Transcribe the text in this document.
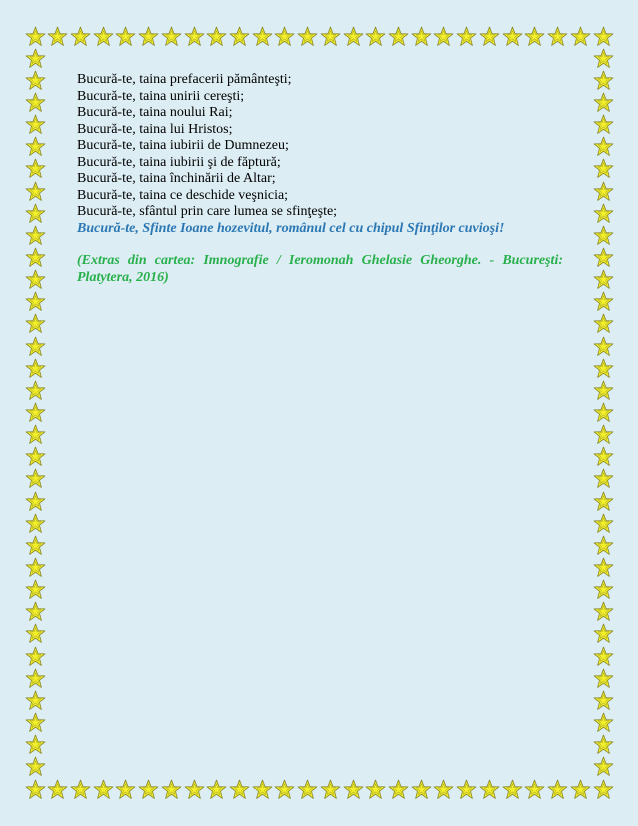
Bucură-te, taina prefacerii pământeşti;
Bucură-te, taina unirii cereşti;
Bucură-te, taina noului Rai;
Bucură-te, taina lui Hristos;
Bucură-te, taina iubirii de Dumnezeu;
Bucură-te, taina iubirii şi de făptură;
Bucură-te, taina închinării de Altar;
Bucură-te, taina ce deschide veşnicia;
Bucură-te, sfântul prin care lumea se sfinţeşte;
Bucură-te, Sfinte Ioane hozevitul, românul cel cu chipul Sfinţilor cuvioşi!
(Extras din cartea: Imnografie / Ieromonah Ghelasie Gheorghe. - Bucureşti: Platytera, 2016)
